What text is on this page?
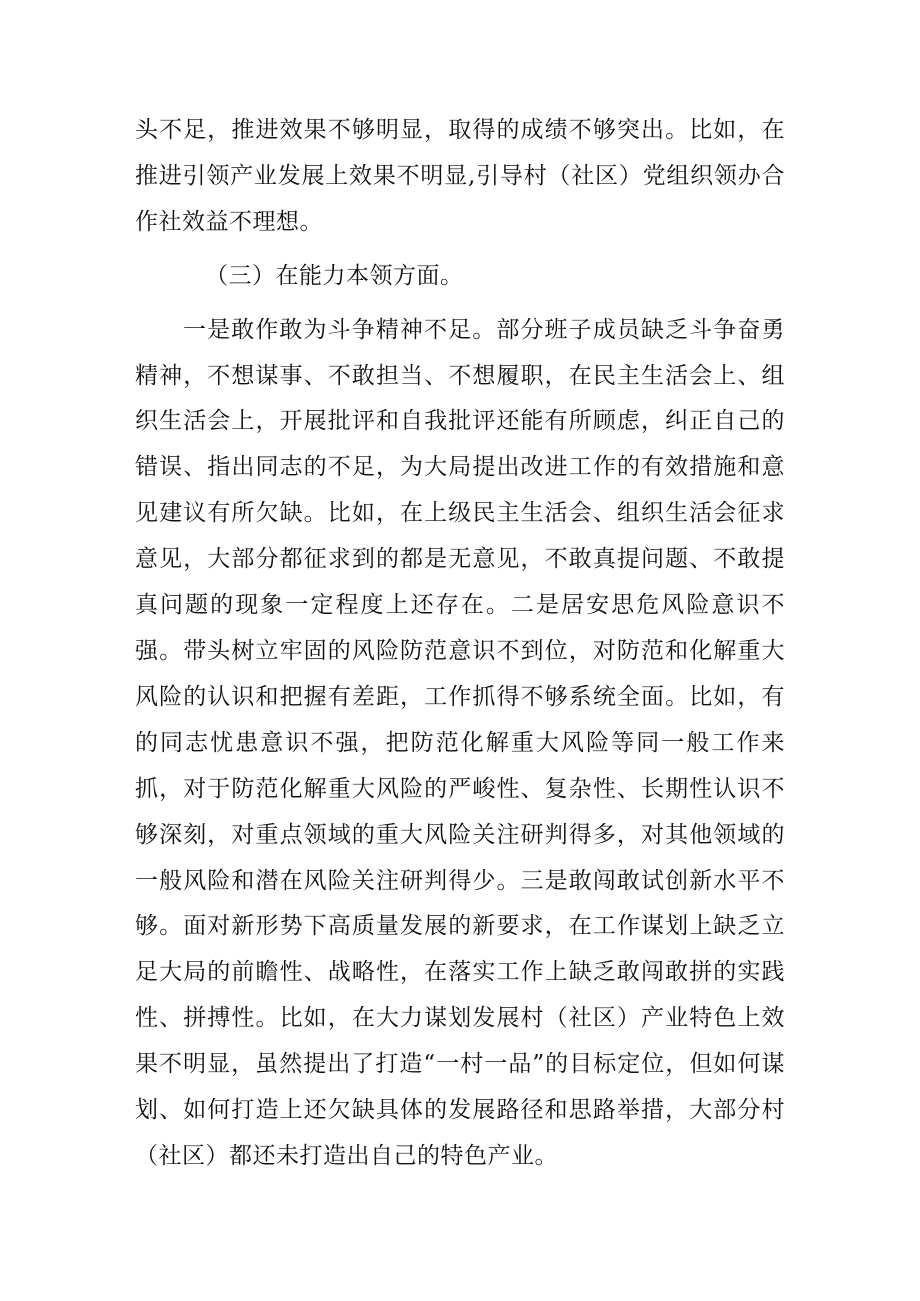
头不足，推进效果不够明显，取得的成绩不够突出。比如，在推进引领产业发展上效果不明显,引导村（社区）党组织领办合作社效益不理想。

（三）在能力本领方面。

一是敢作敢为斗争精神不足。部分班子成员缺乏斗争奋勇精神，不想谋事、不敢担当、不想履职，在民主生活会上、组织生活会上，开展批评和自我批评还能有所顾虑，纠正自己的错误、指出同志的不足，为大局提出改进工作的有效措施和意见建议有所欠缺。比如，在上级民主生活会、组织生活会征求意见，大部分都征求到的都是无意见，不敢真提问题、不敢提真问题的现象一定程度上还存在。二是居安思危风险意识不强。带头树立牢固的风险防范意识不到位，对防范和化解重大风险的认识和把握有差距，工作抓得不够系统全面。比如，有的同志忧患意识不强，把防范化解重大风险等同一般工作来抓，对于防范化解重大风险的严峻性、复杂性、长期性认识不够深刻，对重点领域的重大风险关注研判得多，对其他领域的一般风险和潜在风险关注研判得少。三是敢闯敢试创新水平不够。面对新形势下高质量发展的新要求，在工作谋划上缺乏立足大局的前瞻性、战略性，在落实工作上缺乏敢闯敢拼的实践性、拼搏性。比如，在大力谋划发展村（社区）产业特色上效果不明显，虽然提出了打造“一村一品”的目标定位，但如何谋划、如何打造上还欠缺具体的发展路径和思路举措，大部分村（社区）都还未打造出自己的特色产业。
